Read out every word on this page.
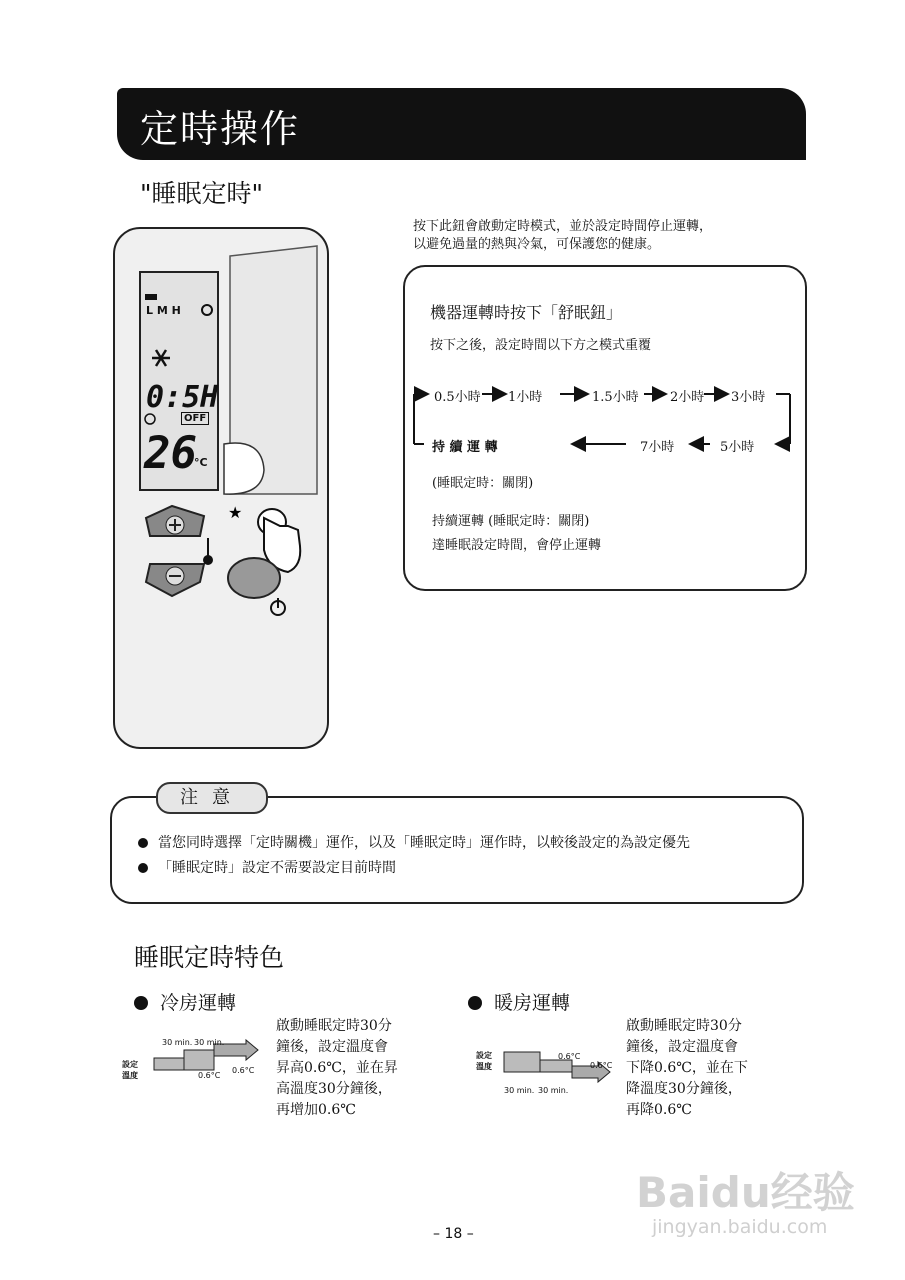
定時操作
"睡眠定時"
★
L M H
0:5H
OFF
26
°C
按下此鈕會啟動定時模式，並於設定時間停止運轉，
以避免過量的熱與冷氣，可保護您的健康。
機器運轉時按下「舒眠鈕」
按下之後，設定時間以下方之模式重覆
0.5小時 1小時	1.5小時 2小時 3小時
持 續 運 轉	7小時	5小時
(睡眠定時：關閉)
持續運轉 (睡眠定時：關閉)
達睡眠設定時間，會停止運轉
注意
當您同時選擇「定時關機」運作，以及「睡眠定時」運作時，以較後設定的為設定優先
「睡眠定時」設定不需要設定目前時間
睡眠定時特色
冷房運轉
啟動睡眠定時30分
鐘後，設定溫度會
昇高0.6℃，並在昇
高溫度30分鐘後，
再增加0.6℃
設定
溫度
30 min. 30 min.
0.6°C
0.6°C
暖房運轉
啟動睡眠定時30分
鐘後，設定溫度會
下降0.6℃，並在下
降溫度30分鐘後，
再降0.6℃
設定
溫度
30 min. 30 min.
0.6°C
0.6°C
– 18 –
Baidu经验
jingyan.baidu.com
